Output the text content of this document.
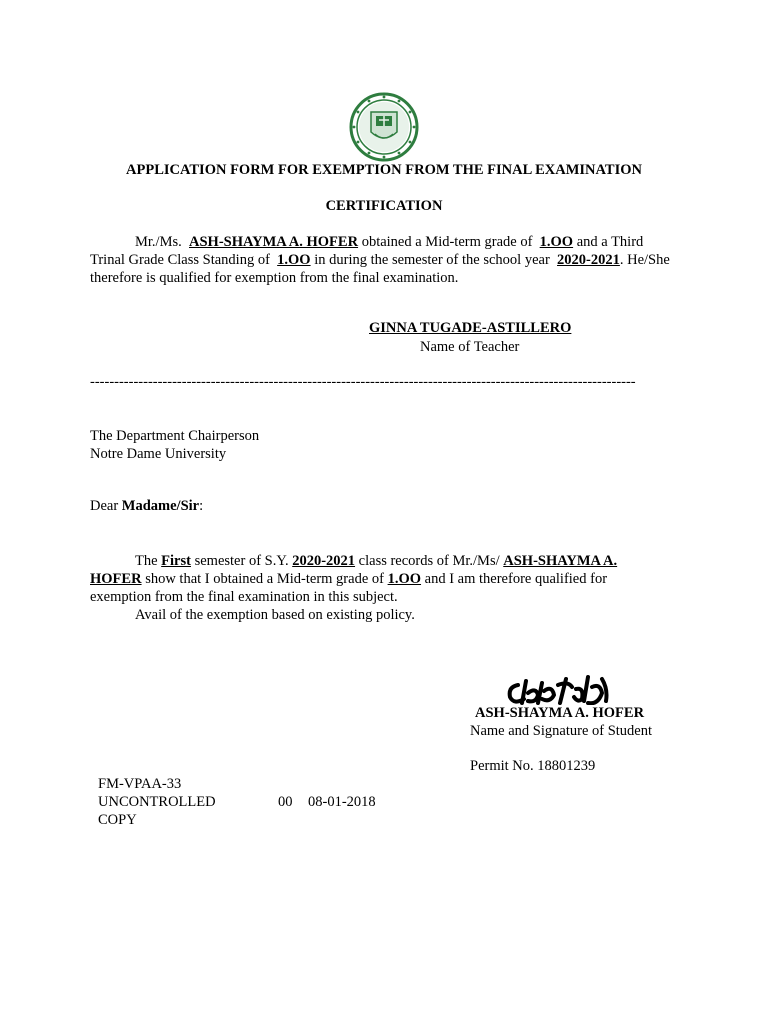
APPLICATION FORM FOR EXEMPTION FROM THE FINAL EXAMINATION
CERTIFICATION
Mr./Ms. ASH-SHAYMA A. HOFER obtained a Mid-term grade of 1.OO and a Third Trinal Grade Class Standing of 1.OO in during the semester of the school year 2020-2021. He/She therefore is qualified for exemption from the final examination.
GINNA TUGADE-ASTILLERO
Name of Teacher
-----------------------------------------------------------------------------------------------------------------
The Department Chairperson
Notre Dame University
Dear Madame/Sir:
The First semester of S.Y. 2020-2021 class records of Mr./Ms/ ASH-SHAYMA A. HOFER show that I obtained a Mid-term grade of 1.OO and I am therefore qualified for exemption from the final examination in this subject.
Avail of the exemption based on existing policy.
ASH-SHAYMA A. HOFER
Name and Signature of Student
Permit No. 18801239
FM-VPAA-33
UNCONTROLLED	00 08-01-2018
COPY
